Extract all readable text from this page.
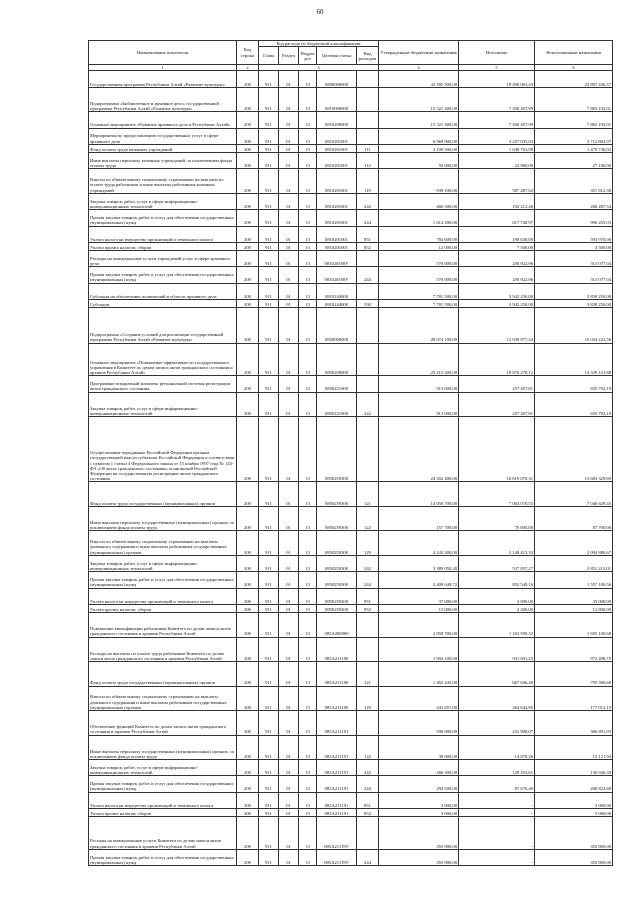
60
Наименование показателя	Код строки	Код расхода по бюджетной классификации					Утвержденные бюджетные назначения	Исполнено	Неисполненные назначения
		Глава	Раздел	Подраз дел	Целевая статья	Вид расходов			
1	2	3					4	5	6
Государственная программа Республики Алтай «Развитие культуры»	200	911	01	13	0800000000		43 395 500,00	19 498 063,43	23 897 436,57
Подпрограмма «Библиотечное и архивное дело» государственной программы Республики Алтай «Развитие культуры»	200	911	01	13	0810000000		15 321 400,00	7 458 207,99	7 863 192,01
Основное мероприятие «Развитие архивного дела в Республике Алтай»	200	911	01	13	0810200000		15 321 400,00	7 458 207,99	7 863 192,01
Мероприятия по предоставлению государственных услуг в сфере архивного дела	200	911	01	13	0810201001		6 969 900,00	3 257 035,03	3 712 864,97
Фонд оплаты труда казенных учреждений	200	911	01	13	0810201001	111	3 109 500,00	1 638 763,98	1 470 736,02
Иные выплаты персоналу казенных учреждений, за исключением фонда оплаты труда	200	911	01	13	0810201001	112	50 000,00	22 900,00	27 100,00
Взносы по обязательному социальному страхованию на выплаты по оплате труда работников и иные выплаты работникам казенных учреждений	200	911	01	13	0810201001	119	939 100,00	587 287,62	351 812,38
Закупка товаров, работ, услуг в сфере информационно-коммуникационных технологий	200	911	01	13	0810201001	242	460 500,00	192 212,46	268 287,54
Прочая закупка товаров, работ и услуг для обеспечения государственных (муниципальных) нужд	200	911	01	13	0810201001	244	1 614 200,00	617 740,97	996 459,03
Уплата налога на имущество организаций и земельного налога	200	911	01	13	0810201001	851	784 600,00	190 630,00	593 970,00
Уплата прочих налогов, сборов	200	911	01	13	0810201001	852	12 000,00	7 500,00	4 500,00
Расходы на коммунальные услуги учреждений услуг в сфере архивного дела	200	911	01	13	081020100У		570 000,00	258 922,96	311 077,04
Прочая закупка товаров, работ и услуг для обеспечения государственных (муниципальных) нужд	200	911	01	13	081020100У	244	570 000,00	258 922,96	311 077,04
Субсидии на обеспечение полномочий в области архивного дела	200	911	01	13	0810244000		7 781 500,00	3 942 250,00	3 839 250,00
Субсидии	200	911	01	13	0810244000	530	7 781 500,00	3 942 250,00	3 839 250,00
Подпрограмма «Создание условий для реализации государственной программы Республики Алтай «Развитие культуры»	200	911	01	13	0850000000		28 074 100,00	12 039 877,44	16 034 222,56
Основное мероприятие «Повышение эффективности государственного управления в Комитете по делам записи актов гражданского состояния и архивов Республики Алтай»	200	911	01	13	0850200000		25 215 400,00	10 876 278,12	14 339 121,88
Программно-аппаратный комплекс региональной системы регистрации актов гражданского состояния	200	911	01	13	0850221000		913 000,00	257 207,81	655 792,19
Закупка товаров, работ, услуг в сфере информационно-коммуникационных технологий	200	911	01	13	0850221000	242	913 000,00	257 207,81	655 792,19
Осуществление переданных Российской Федерации органам государственной власти субъектов Российской Федерации в соответствии с пунктом 1 статьи 4 Федерального закона от 15 ноября 1997 года № 143-ФЗ «Об актах гражданского состояния» полномочий Российской Федерации на государственную регистрацию актов гражданского состояния	200	911	01	13	0850259300		24 302 400,00	10 619 070,31	13 683 329,69
Фонд оплаты труда государственных (муниципальных) органов	200	911	01	13	0850259300	121	14 050 700,00	7 004 070,55	7 046 629,45
Иные выплаты персоналу государственных (муниципальных) органов, за исключением фонда оплаты труда	200	911	01	13	0850259300	122	157 700,00	70 000,00	87 700,00
Взносы по обязательному социальному страхованию на выплаты денежного содержания и иные выплаты работникам государственных (муниципальных) органов	200	911	01	13	0850259300	129	4 243 300,00	2 148 413,33	2 094 886,67
Закупка товаров, работ, услуг в сфере информационно-коммуникационных технологий	200	911	01	13	0850259300	242	3 389 050,28	537 837,27	2 851 213,01
Прочая закупка товаров, работ и услуг для обеспечения государственных (муниципальных) нужд	200	911	01	13	0850259300	244	2 409 649,72	852 549,16	1 557 100,56
Уплата налога на имущество организаций и земельного налога	200	911	01	13	0850259300	851	37 000,00	4 000,00	33 000,00
Уплата прочих налогов, сборов	200	911	01	13	0850259300	852	15 000,00	2 200,00	12 800,00
Повышение квалификации работников Комитета по делам записи актов гражданского состояния и архивов Республики Алтай	200	911	01	13	085А200000		2 858 700,00	1 163 599,32	1 695 100,68
Расходы на выплаты по оплате труда работников Комитета по делам записи актов гражданского состояния и архивов Республики Алтай	200	911	01	13	085А211100		1 904 100,00	931 691,25	972 408,75
Фонд оплаты труда государственных (муниципальных) органов	200	911	01	13	085А211100	121	1 462 443,00	667 046,40	795 396,60
Взносы по обязательному социальному страхованию на выплаты денежного содержания и иные выплаты работникам государственных (муниципальных) органов	200	911	01	13	085А211100	129	441 657,00	264 644,85	177 012,15
Обеспечение функций Комитета по делам записи актов гражданского состояния и архивов Республики Алтай	200	911	01	13	085А211191		598 800,00	231 908,07	366 891,93
Иные выплаты персоналу государственных (муниципальных) органов, за исключением фонда оплаты труда	200	911	01	13	085А211191	122	30 000,00	14 878,26	15 121,94
Закупка товаров, работ, услуг в сфере информационно-коммуникационных технологий	200	911	01	13	085А211191	242	266 300,00	129 353,61	136 946,39
Прочая закупка товаров, работ и услуг для обеспечения государственных (муниципальных) нужд	200	911	01	13	085А211191	244	294 500,00	87 676,40	206 823,60
Уплата налога на имущество организаций и земельного налога	200	911	01	13	085А211191	851	3 000,00	-	3 000,00
Уплата прочих налогов, сборов	200	911	01	13	085А211191	852	5 000,00	-	5 000,00
Расходы на коммунальные услуги Комитета по делам записи актов гражданского состояния и архивов Республики Алтай	200	911	01	13	085А21119У		355 800,00	-	355 800,00
Прочая закупка товаров, работ и услуг для обеспечения государственных (муниципальных) нужд	200	911	01	13	085А21119У	244	355 800,00	-	355 800,00
